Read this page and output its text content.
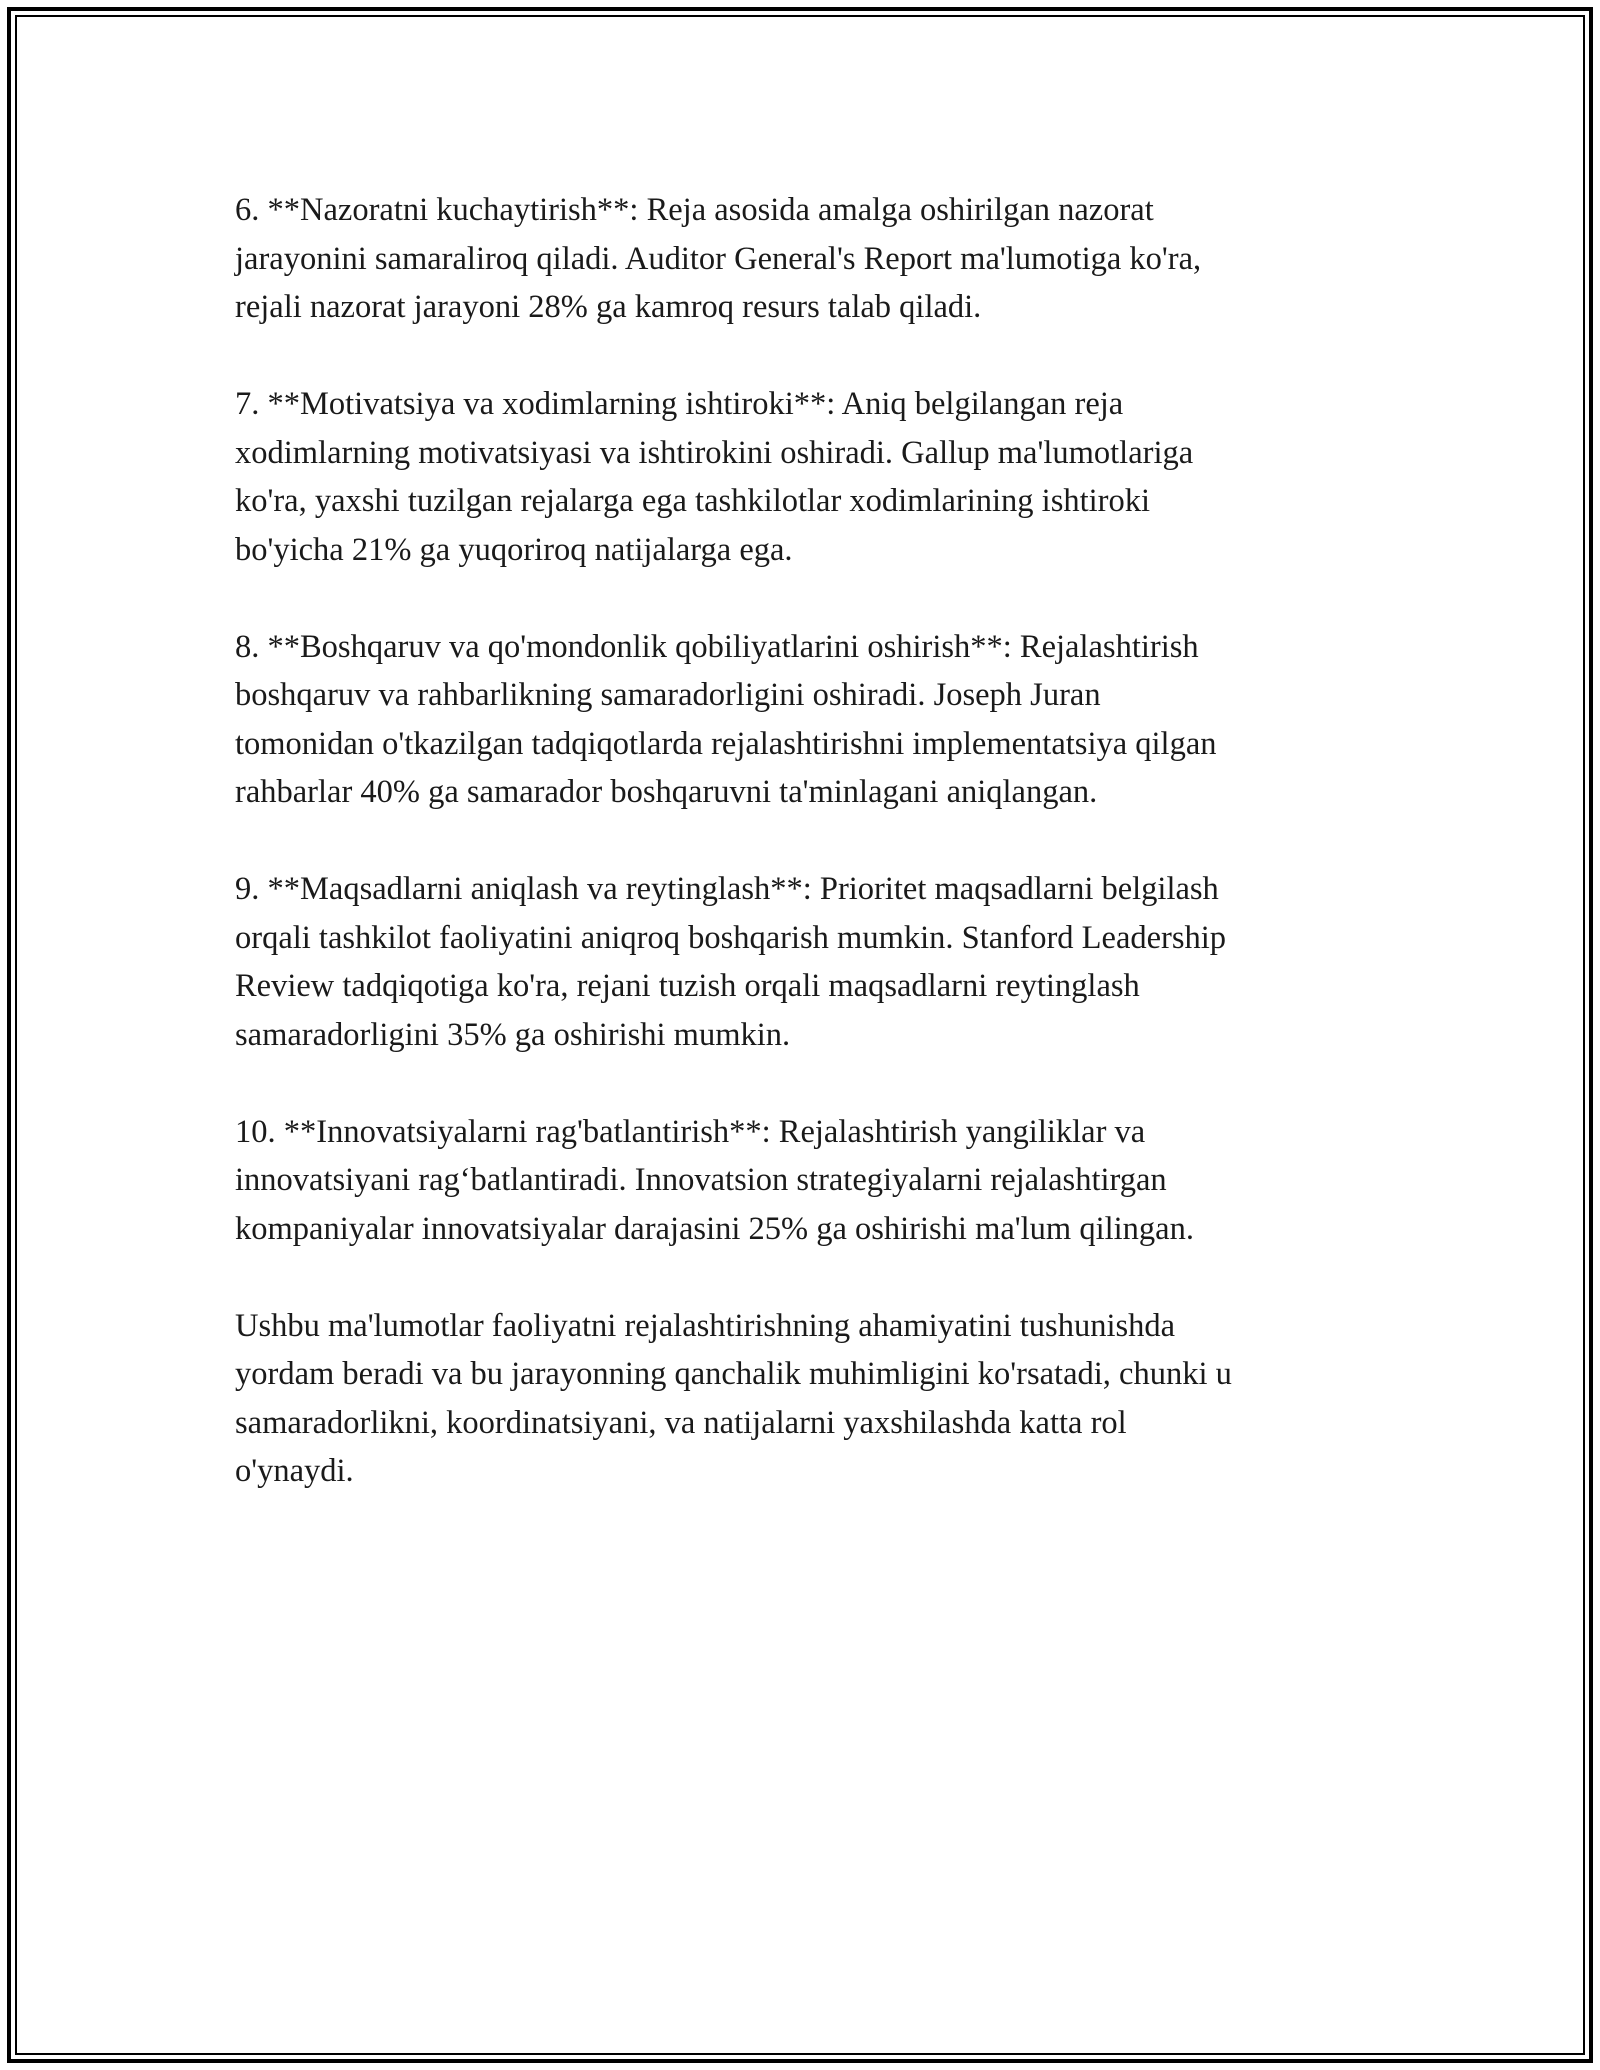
6. **Nazoratni kuchaytirish**: Reja asosida amalga oshirilgan nazorat
jarayonini samaraliroq qiladi. Auditor General's Report ma'lumotiga ko'ra,
rejali nazorat jarayoni 28% ga kamroq resurs talab qiladi.

7. **Motivatsiya va xodimlarning ishtiroki**: Aniq belgilangan reja
xodimlarning motivatsiyasi va ishtirokini oshiradi. Gallup ma'lumotlariga
ko'ra, yaxshi tuzilgan rejalarga ega tashkilotlar xodimlarining ishtiroki
bo'yicha 21% ga yuqoriroq natijalarga ega.

8. **Boshqaruv va qo'mondonlik qobiliyatlarini oshirish**: Rejalashtirish
boshqaruv va rahbarlikning samaradorligini oshiradi. Joseph Juran
tomonidan o'tkazilgan tadqiqotlarda rejalashtirishni implementatsiya qilgan
rahbarlar 40% ga samarador boshqaruvni ta'minlagani aniqlangan.

9. **Maqsadlarni aniqlash va reytinglash**: Prioritet maqsadlarni belgilash
orqali tashkilot faoliyatini aniqroq boshqarish mumkin. Stanford Leadership
Review tadqiqotiga ko'ra, rejani tuzish orqali maqsadlarni reytinglash
samaradorligini 35% ga oshirishi mumkin.

10. **Innovatsiyalarni rag'batlantirish**: Rejalashtirish yangiliklar va
innovatsiyani rag‘batlantiradi. Innovatsion strategiyalarni rejalashtirgan
kompaniyalar innovatsiyalar darajasini 25% ga oshirishi ma'lum qilingan.

Ushbu ma'lumotlar faoliyatni rejalashtirishning ahamiyatini tushunishda
yordam beradi va bu jarayonning qanchalik muhimligini ko'rsatadi, chunki u
samaradorlikni, koordinatsiyani, va natijalarni yaxshilashda katta rol
o'ynaydi.
